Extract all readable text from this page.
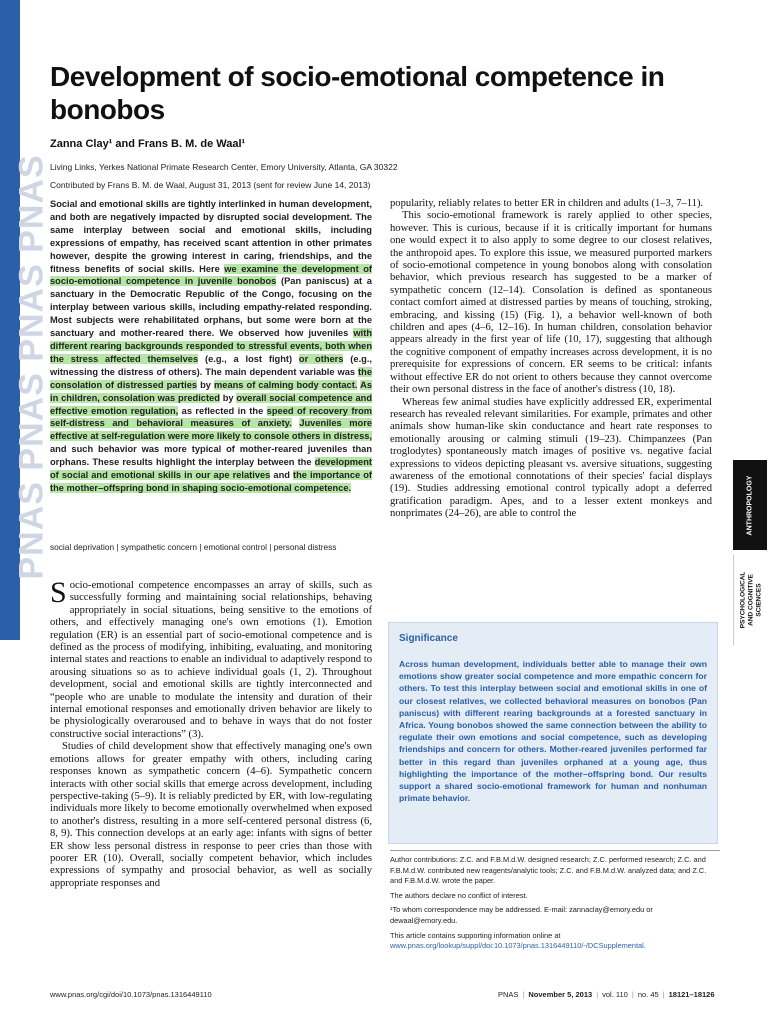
PNAS PNAS PNAS PNAS
Development of socio-emotional competence in bonobos
Zanna Clay¹ and Frans B. M. de Waal¹
Living Links, Yerkes National Primate Research Center, Emory University, Atlanta, GA 30322
Contributed by Frans B. M. de Waal, August 31, 2013 (sent for review June 14, 2013)
Social and emotional skills are tightly interlinked in human development, and both are negatively impacted by disrupted social development. The same interplay between social and emotional skills, including expressions of empathy, has received scant attention in other primates however, despite the growing interest in caring, friendships, and the fitness benefits of social skills. Here we examine the development of socio-emotional competence in juvenile bonobos (Pan paniscus) at a sanctuary in the Democratic Republic of the Congo, focusing on the interplay between various skills, including empathy-related responding. Most subjects were rehabilitated orphans, but some were born at the sanctuary and mother-reared there. We observed how juveniles with different rearing backgrounds responded to stressful events, both when the stress affected themselves (e.g., a lost fight) or others (e.g., witnessing the distress of others). The main dependent variable was the consolation of distressed parties by means of calming body contact. As in children, consolation was predicted by overall social competence and effective emotion regulation, as reflected in the speed of recovery from self-distress and behavioral measures of anxiety. Juveniles more effective at self-regulation were more likely to console others in distress, and such behavior was more typical of mother-reared juveniles than orphans. These results highlight the interplay between the development of social and emotional skills in our ape relatives and the importance of the mother–offspring bond in shaping socio-emotional competence.
social deprivation | sympathetic concern | emotional control | personal distress

Socio-emotional competence encompasses an array of skills, such as successfully forming and maintaining social relationships, behaving appropriately in social situations, being sensitive to the emotions of others, and effectively managing one's own emotions (1). Emotion regulation (ER) is an essential part of socio-emotional competence and is defined as the process of modifying, inhibiting, evaluating, and monitoring internal states and reactions to enable an individual to adaptively respond to arousing situations so as to achieve individual goals (1, 2). Throughout development, social and emotional skills are tightly interconnected and “people who are unable to modulate the intensity and duration of their internal emotional responses and emotionally driven behavior are likely to be physiologically overaroused and to behave in ways that do not foster constructive social interactions” (3).

Studies of child development show that effectively managing one's own emotions allows for greater empathy with others, including caring responses known as sympathetic concern (4–6). Sympathetic concern interacts with other social skills that emerge across development, including perspective-taking (5–9). It is reliably predicted by ER, with low-regulating individuals more likely to become emotionally overwhelmed when exposed to another's distress, resulting in a more self-centered personal distress (6, 8, 9). This connection develops at an early age: infants with signs of better ER show less personal distress in response to peer cries than those with poorer ER (10). Overall, socially competent behavior, which includes expressions of sympathy and prosocial behavior, as well as socially appropriate responses and

popularity, reliably relates to better ER in children and adults (1–3, 7–11).

This socio-emotional framework is rarely applied to other species, however. This is curious, because if it is critically important for humans one would expect it to also apply to some degree to our closest relatives, the anthropoid apes. To explore this issue, we measured purported markers of socio-emotional competence in young bonobos along with consolation behavior, which previous research has suggested to be a marker of sympathetic concern (12–14). Consolation is defined as spontaneous contact comfort aimed at distressed parties by means of touching, stroking, embracing, and kissing (15) (Fig. 1), a behavior well-known of both children and apes (4–6, 12–16). In human children, consolation behavior appears already in the first year of life (10, 17), suggesting that although the cognitive component of empathy increases across development, it is no prerequisite for expressions of concern. ER seems to be critical: infants without effective ER do not orient to others because they cannot overcome their own personal distress in the face of another's distress (10, 18).

Whereas few animal studies have explicitly addressed ER, experimental research has revealed relevant similarities. For example, primates and other animals show human-like skin conductance and heart rate responses to emotionally arousing or calming stimuli (19–23). Chimpanzees (Pan troglodytes) spontaneously match images of positive vs. negative facial expressions to videos depicting pleasant vs. aversive situations, suggesting awareness of the emotional connotations of their species' facial displays (19). Studies addressing emotional control typically adopt a deferred gratification paradigm. Apes, and to a lesser extent monkeys and nonprimates (24–26), are able to control the	ANTHROPOLOGY
PSYCHOLOGICAL AND COGNITIVE SCIENCES
Significance
Across human development, individuals better able to manage their own emotions show greater social competence and more empathic concern for others. To test this interplay between social and emotional skills in one of our closest relatives, we collected behavioral measures on bonobos (Pan paniscus) with different rearing backgrounds at a forested sanctuary in Africa. Young bonobos showed the same connection between the ability to regulate their own emotions and social competence, such as developing friendships and concern for others. Mother-reared juveniles performed far better in this regard than juveniles orphaned at a young age, thus highlighting the importance of the mother–offspring bond. Our results support a shared socio-emotional framework for human and nonhuman primate behavior.
Author contributions: Z.C. and F.B.M.d.W. designed research; Z.C. performed research; Z.C. and F.B.M.d.W. contributed new reagents/analytic tools; Z.C. and F.B.M.d.W. analyzed data; and Z.C. and F.B.M.d.W. wrote the paper.
The authors declare no conflict of interest.
¹To whom correspondence may be addressed. E-mail: zannaclay@emory.edu or dewaal@emory.edu.
This article contains supporting information online at www.pnas.org/lookup/suppl/doi:10.1073/pnas.1316449110/-/DCSupplemental.
www.pnas.org/cgi/doi/10.1073/pnas.1316449110	PNAS | November 5, 2013 | vol. 110 | no. 45 | 18121–18126
